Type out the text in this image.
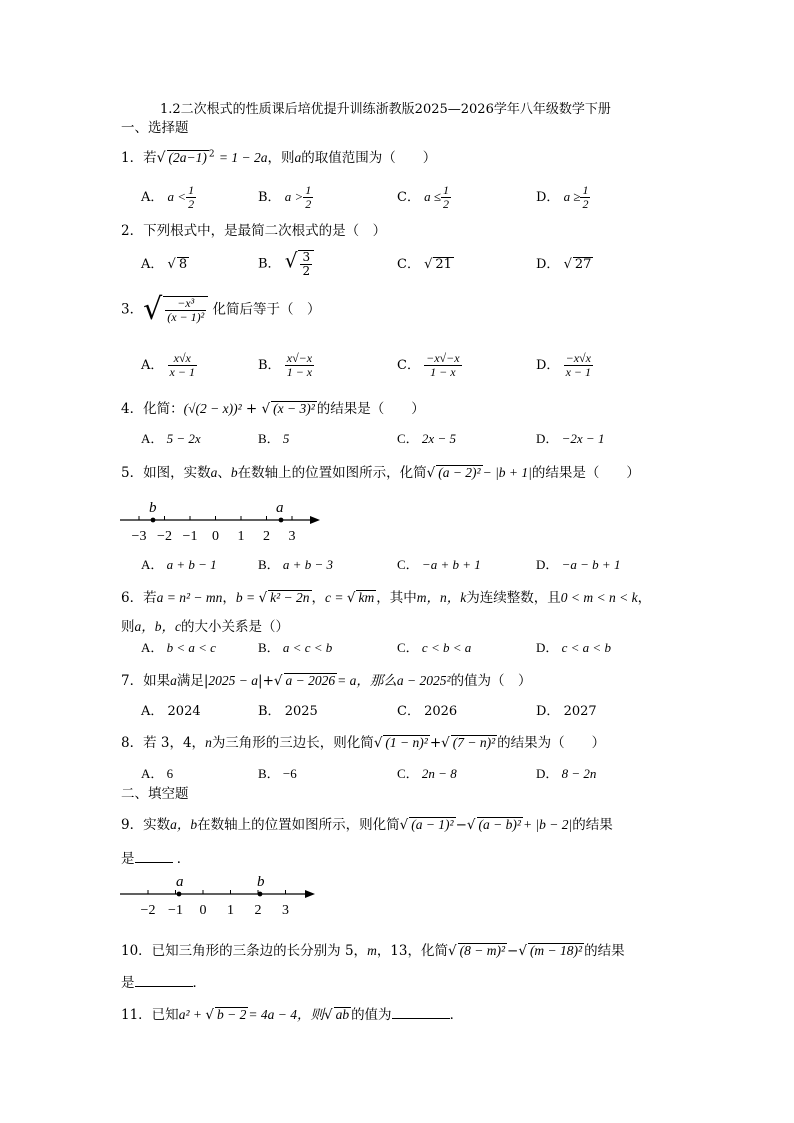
1.2二次根式的性质课后培优提升训练浙教版2025—2026学年八年级数学下册
一、选择题
1．若√ (2a−1) $^2$ = 1 − 2a，则a的取值范围为（　　）
A． $a < \frac{1}{2}$	B． $a > \frac{1}{2}$	C． $a \le \frac{1}{2}$	D． $a \ge \frac{1}{2}$
2．下列根式中，是最简二次根式的是（　）
A． √ 8	B． √ $\frac{3}{2}$	C． √ 21	D． √ 27
3．√ $\frac{\text{−x³}}{\text{(x − 1)²}}$ 化简后等于（　）
A． $\frac{x√x}{x - 1}$	B． $\frac{x√-x}{1 - x}$	C． $\frac{-x√-x}{1 - x}$	D． $\frac{-x√x}{x - 1}$
4．化简：(√(2 − x))² + √ (x − 3)² 的结果是（　　）
A． 5 − 2x	B． 5	C． 2x − 5	D． −2x − 1
5．如图，实数a、b在数轴上的位置如图所示，化简√ (a − 2)² − |b + 1|的结果是（　　）
−3 −2 −1 0 1 2 3
b	a
A． a + b − 1	B． a + b − 3	C． −a + b + 1	D． −a − b + 1
6．若a = n² − mn，b = √ k² − 2n ，c = √ km ，其中m，n，k为连续整数，且0 < m < n < k，
则a，b，c的大小关系是（）
A． b < a < c	B． a < c < b	C． c < b < a	D． c < a < b
7．如果a满足|2025 − a|+√ a − 2026 = a，那么a − 2025²的值为（　）
A． 2024	B． 2025	C． 2026	D． 2027
8．若 3，4，n为三角形的三边长，则化简√ (1 − n)² +√ (7 − n)² 的结果为（　　）
A． 6	B． −6	C． 2n − 8	D． 8 − 2n
二、填空题
9．实数a，b在数轴上的位置如图所示，则化简√ (a − 1)² −√ (a − b)² + |b − 2|的结果
是	．
−2 −1 0 1 2 3
a	b
10．已知三角形的三条边的长分别为 5，m，13，化简√ (8 − m)² −√ (m − 18)² 的结果
是	．
11．已知a² + √ b − 2 = 4a − 4，则√ ab 的值为	．
